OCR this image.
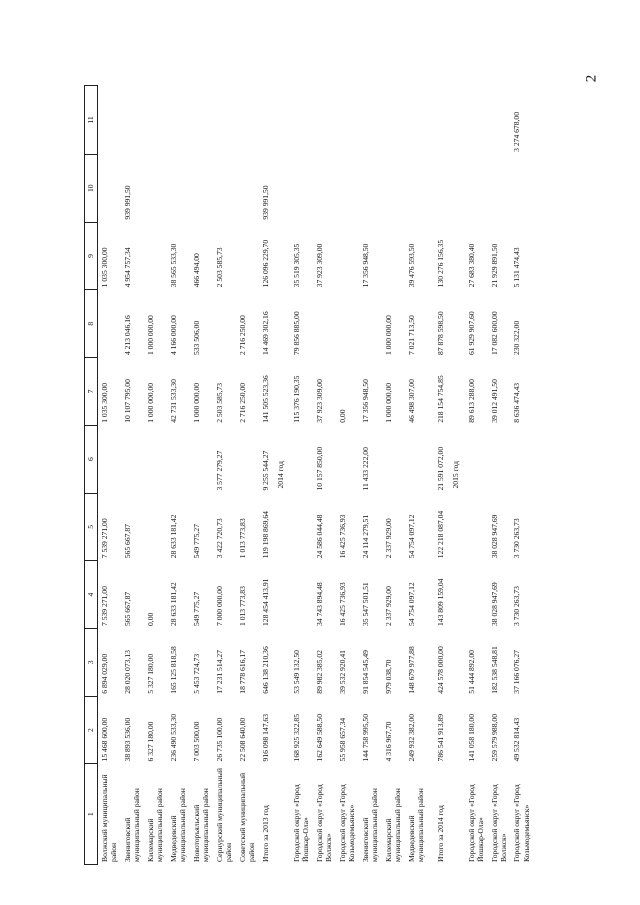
2
1	2	3	4	5	6	7	8	9	10	11
Волжский муниципальный район	15 468 600,00	6 894 029,00	7 539 271,00	7 539 271,00		1 035 300,00		1 035 300,00		
Звениговский муниципальный район	38 893 536,00	28 020 073,13	565 667,87	565 667,87		10 107 795,00	4 213 046,16	4 954 757,34	939 991,50	
Килемарский муниципальный район	6 327 180,00	5 327 180,00	0,00			1 000 000,00	1 000 000,00			
Медведевский муниципальный район	236 490 533,30	165 125 818,58	28 633 181,42	28 633 181,42		42 731 533,30	4 166 000,00	38 565 533,30		
Новоторъяльский муниципальный район	7 003 500,00	5 453 724,73	549 775,27	549 775,27		1 000 000,00	533 506,00	466 494,00		
Сернурский муниципальный район	26 735 100,00	17 231 514,27	7 000 000,00	3 422 720,73	3 577 279,27	2 503 585,73		2 503 585,73		
Советский муниципальный район	22 508 640,00	18 778 616,17	1 013 773,83	1 013 773,83		2 716 250,00	2 716 250,00			
Итого за 2013 год	916 098 147,63	646 138 210,36	128 454 413,91	119 198 869,64	9 255 544,27	141 505 523,36	14 469 302,16	126 096 229,70	939 991,50	
2014 год										
Городской округ «Город Йошкар-Ола»	168 925 322,85	53 549 132,50				115 376 190,35	79 856 885,00	35 519 305,35		
Городской округ «Город Волжск»	162 649 588,50	89 982 385,02	34 743 894,48	24 586 044,48	10 157 850,00	37 923 309,00		37 923 309,00		
Городской округ «Город Козьмодемьянск»	55 958 657,34	39 532 920,41	16 425 736,93	16 425 736,93		0,00				
Звениговский муниципальный район	144 758 995,50	91 854 545,49	35 547 501,51	24 114 279,51	11 433 222,00	17 356 948,50		17 356 948,50		
Килемарский муниципальный район	4 316 967,70	979 038,70	2 337 929,00	2 337 929,00		1 000 000,00	1 000 000,00			
Медведевский муниципальный район	249 932 382,00	148 679 977,88	54 754 097,12	54 754 097,12		46 498 307,00	7 021 713,50	39 476 593,50		

Итого за 2014 год	786 541 913,89	424 578 000,00	143 809 159,04	122 218 087,04	21 591 072,00	218 154 754,85	87 878 598,50	130 276 156,35		
2015 год										
Городской округ «Город Йошкар-Ола»	141 058 180,00	51 444 892,00				89 613 288,00	61 929 907,60	27 683 380,40		
Городской округ «Город Волжск»	259 579 988,00	182 538 548,81	38 028 947,69	38 028 947,69		39 012 491,50	17 082 600,00	21 929 891,50		
Городской округ «Город Козьмодемьянск»	49 532 814,43	37 166 076,27	3 730 263,73	3 730 263,73		8 636 474,43	230 322,00	5 131 474,43		3 274 678,00
